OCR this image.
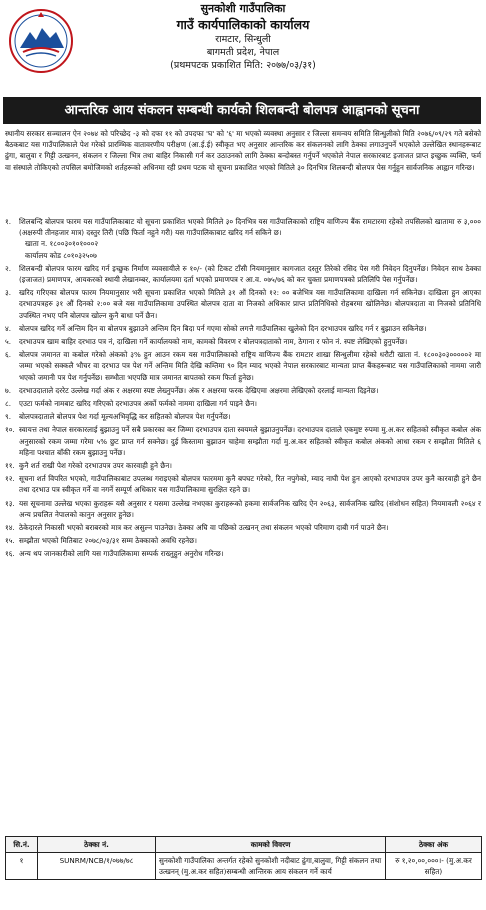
सुनकोशी गाउँपालिका
गाउँ कार्यपालिकाको कार्यालय
रामटार, सिन्धुली
बागमती प्रदेश, नेपाल
(प्रथमपटक प्रकाशित मिति: २०७७/०३/३१)
आन्तरिक आय संकलन सम्बन्धी कार्यको शिलबन्दी बोलपत्र आह्वानको सूचना
स्थानीय सरकार सञ्चालन ऐन २०७४ को परिच्छेद -३ को दफा ११ को उपदफा 'घ' को '६' मा भएको व्यवस्था अनुसार र जिल्ला समन्वय समिति सिन्धुलीको मिति २०७६/०९/२९ गते बसेको बैठकबाट यस गाउँपालिकाले पेश गरेको प्रारम्भिक वातावरणीय परीक्षण (आ.ई.ई) स्वीकृत भए अनुसार आन्तरिक कर संकलनको लागि ठेक्का लगाउनुपर्ने भएकोले उल्लेखित स्थानहरूबाट ढुंगा, बालुवा र गिट्टी उत्खनन, संकलन र जिल्ला भित्र तथा बाहिर निकासी गर्न कर उठाउनको लागि ठेक्का बन्दोबस्त गर्नुपर्ने भएकोले नेपाल सरकारबाट इजाजत प्राप्त इच्छुक व्यक्ति, फर्म वा संस्थाले तोकिएको तपसिल बमोजिमको शर्तहरूको अधिनमा रही प्रथम पटक यो सूचना प्रकाशित भएको मितिले ३० दिनभित्र शिलबन्दी बोलपत्र पेस गर्नुहुन सार्वजनिक आह्वान गरिन्छ।
१.	शिलबन्दि बोलपत्र फारम यस गाउँपालिकाबाट यो सूचना प्रकाशित भएको मितिले ३० दिनभित्र यस गाउँपालिकाको राष्ट्रिय वाणिज्य बैंक रामटारमा रहेको तपसिलको खातामा रु ३,००० (अक्षरुपी तीनहजार मात्र) दस्तुर तिरी (पछि फिर्ता नहुने गरी) यस गाउँपालिकाबाट खरिद गर्न सकिने छ।
खाता न. १८००३०१०१०००२
कार्यालय कोड ८०१०३२५०७
२.	शिलबन्दी बोलपत्र फारम खरिद गर्न इच्छुक निर्माण व्यवसायीले रु १०/- (को टिकट टाँसी नियमानुसार कागजात दस्तुर तिरेको रसिद पेस गरी निवेदन दिनुपर्नेछ। निवेदन साथ ठेक्का (इजाजत) प्रमाणपत्र, आयकरको स्थायी लेखानम्बर, कार्यालयमा दर्ता भएको प्रमाणपत्र र आ.व. ०७५/७६ को कर चुक्ता प्रमाणपत्रको प्रतिलिपि पेस गर्नुपर्नेछ।
३.	खरिद गरिएका बोलपत्र फारम नियमानुसार भरी सूचना प्रकाशित भएको मितिले ३१ औं दिनको १२: ०० बजेभित्र यस गाउँपालिकामा दाखिला गर्न सकिनेछ। दाखिला हुन आएका दरभाउपत्रहरु ३१ औं दिनको २:०० बजे यस गाउँपालिकामा उपस्थित बोलपत्र दाता वा निजको अधिकार प्राप्त प्रतिनिधिको रोहबरमा खोलिनेछ। बोलपत्रदाता वा निजको प्रतिनिधि उपस्थित नभए पनि बोलपत्र खोल्न कुनै बाधा पर्ने छैन।
४.	बोलपत्र खरिद गर्ने अन्तिम दिन वा बोलपत्र बुझाउने अन्तिम दिन बिदा पर्न गएमा सोको लगत्तै गाउँपालिका खुलेको दिन दरभाउपत्र खरिद गर्न र बुझाउन सकिनेछ।
५.	दरभाउपत्र खाम बाहिर दरभाउ पत्र नं, दाखिला गर्ने कार्यालयको नाम, कामको विवरण र बोलपत्रदाताको नाम, ठेगाना र फोन नं. स्पष्ट लेखिएको हुनुपर्नेछ।
६.	बोलपत्र जमानत वा कबोल गरेको अंकको ३% हुन आउन रकम यस गाउँपालिकाको राष्ट्रिय वाणिज्य बैंक रामटार शाखा सिन्धुलीमा रहेको धरौटी खाता नं. १८००३०३०००००२ मा जम्मा भएको सक्कलै भौचर वा दरभाउ पत्र पेश गर्ने अन्तिम मिति देखि कम्तिमा ९० दिन म्याद भएको नेपाल सरकारबाट मान्यता प्राप्त बैंकहरूबाट यस गाउँपालिकाको नाममा जारी भएको जमानी पत्र पेश गर्नुपर्नेछ। सम्भौता भएपछि मात्र जमानत बापतको रकम फिर्ता हुनेछ।
७.	दरभाउदाताले दररेट उल्लेख गर्दा अंक र अक्षरमा स्पष्ट लेख्नुपर्नेछ। अंक र अक्षरमा फरक देखिएमा अक्षरमा लेखिएको दरलाई मान्यता दिइनेछ।
८.	एउटा फर्मको नामबाट खरिद गरिएको दरभाउपत्र अर्को फर्मको नाममा दाखिला गर्न पाइने छैन।
९.	बोलपत्रदाताले बोलपत्र पेश गर्दा मूल्यअभिवृद्धि कर सहितको बोलपत्र पेश गर्नुपर्नेछ।
१०. स्वायत्त तथा नेपाल सरकारलाई बुझाउनु पर्ने सबै प्रकारका कर जिम्मा दरभाउपत्र दाता स्वयमले बुझाउनुपर्नेछ। दरभाउपत्र दाताले एकमुष्ट रुपमा मु.अ.कर सहितको स्वीकृत कबोल अंक अनुसारको रकम जम्मा गरेमा ५% छुट प्राप्त गर्न सक्नेछ। दुई किस्तामा बुझाउन चाहेमा सम्झौता गर्दा मु.अ.कर सहितको स्वीकृत कबोल अंकको आधा रकम र सम्झौता मितिले ६ महिना पश्चात बाँकी रकम बुझाउनु पर्नेछ।
११. कुनै शर्त राखी पेश गरेको दरभाउपत्र उपर कारवाही हुने छैन।
१२. सूचना शर्त विपरित भएको, गाउँपालिकाबाट उपलब्ध गराइएको बोलपत्र फारममा कुनै बपघट गरेको, रित नपुगेको, म्याद नाघी पेश हुन आएको दरभाउपत्र उपर कुनै कारवाही हुने छैन तथा दरभाउ पत्र स्वीकृत गर्ने वा नगर्ने सम्पूर्ण अधिकार यस गाउँपालिकामा सुरक्षित रहने छ।
१३. यस सूचनामा उल्लेख भएका कुराहरू यसै अनुसार र यसमा उल्लेख नभएका कुराहरूको हकमा सार्वजनिक खरिद ऐन २०६३, सार्वजनिक खरिद (संशोधन सहित) नियमावली २०६४ र अन्य प्रचलित नेपालको कानुन अनुसार हुनेछ।
१४. ठेकेदारले निकासी भएको बराबरको मात्र कर असुल्न पाउनेछ। ठेक्का अघि वा पछिको उत्खनन् तथा संकलन भएको परिमाण दाबी गर्न पाउने छैन।
१५. सम्झौता भएको मितिबाट २०७८/०३/३१ सम्म ठेक्काको अवधि रहनेछ।
१६. अन्य थप जानकारीको लागि यस गाउँपालिकामा सम्पर्क राख्नुहुन अनुरोध गरिन्छ।
सि.नं.	ठेक्का नं.	कामको विवरण	ठेक्का अंक
१	SUNRM/NCB/१/०७७/७८	सुनकोशी गाउँपालिका अन्तर्गत रहेको सुनकोशी नदीबाट ढुंगा,बालुवा, गिट्टी संकलन तथा उत्खनन् (मु.अ.कर सहित)सम्बन्धी आन्तिरक आय संकलन गर्ने कार्य	रु १,२०,००,०००।- (मु.अ.कर सहित)
